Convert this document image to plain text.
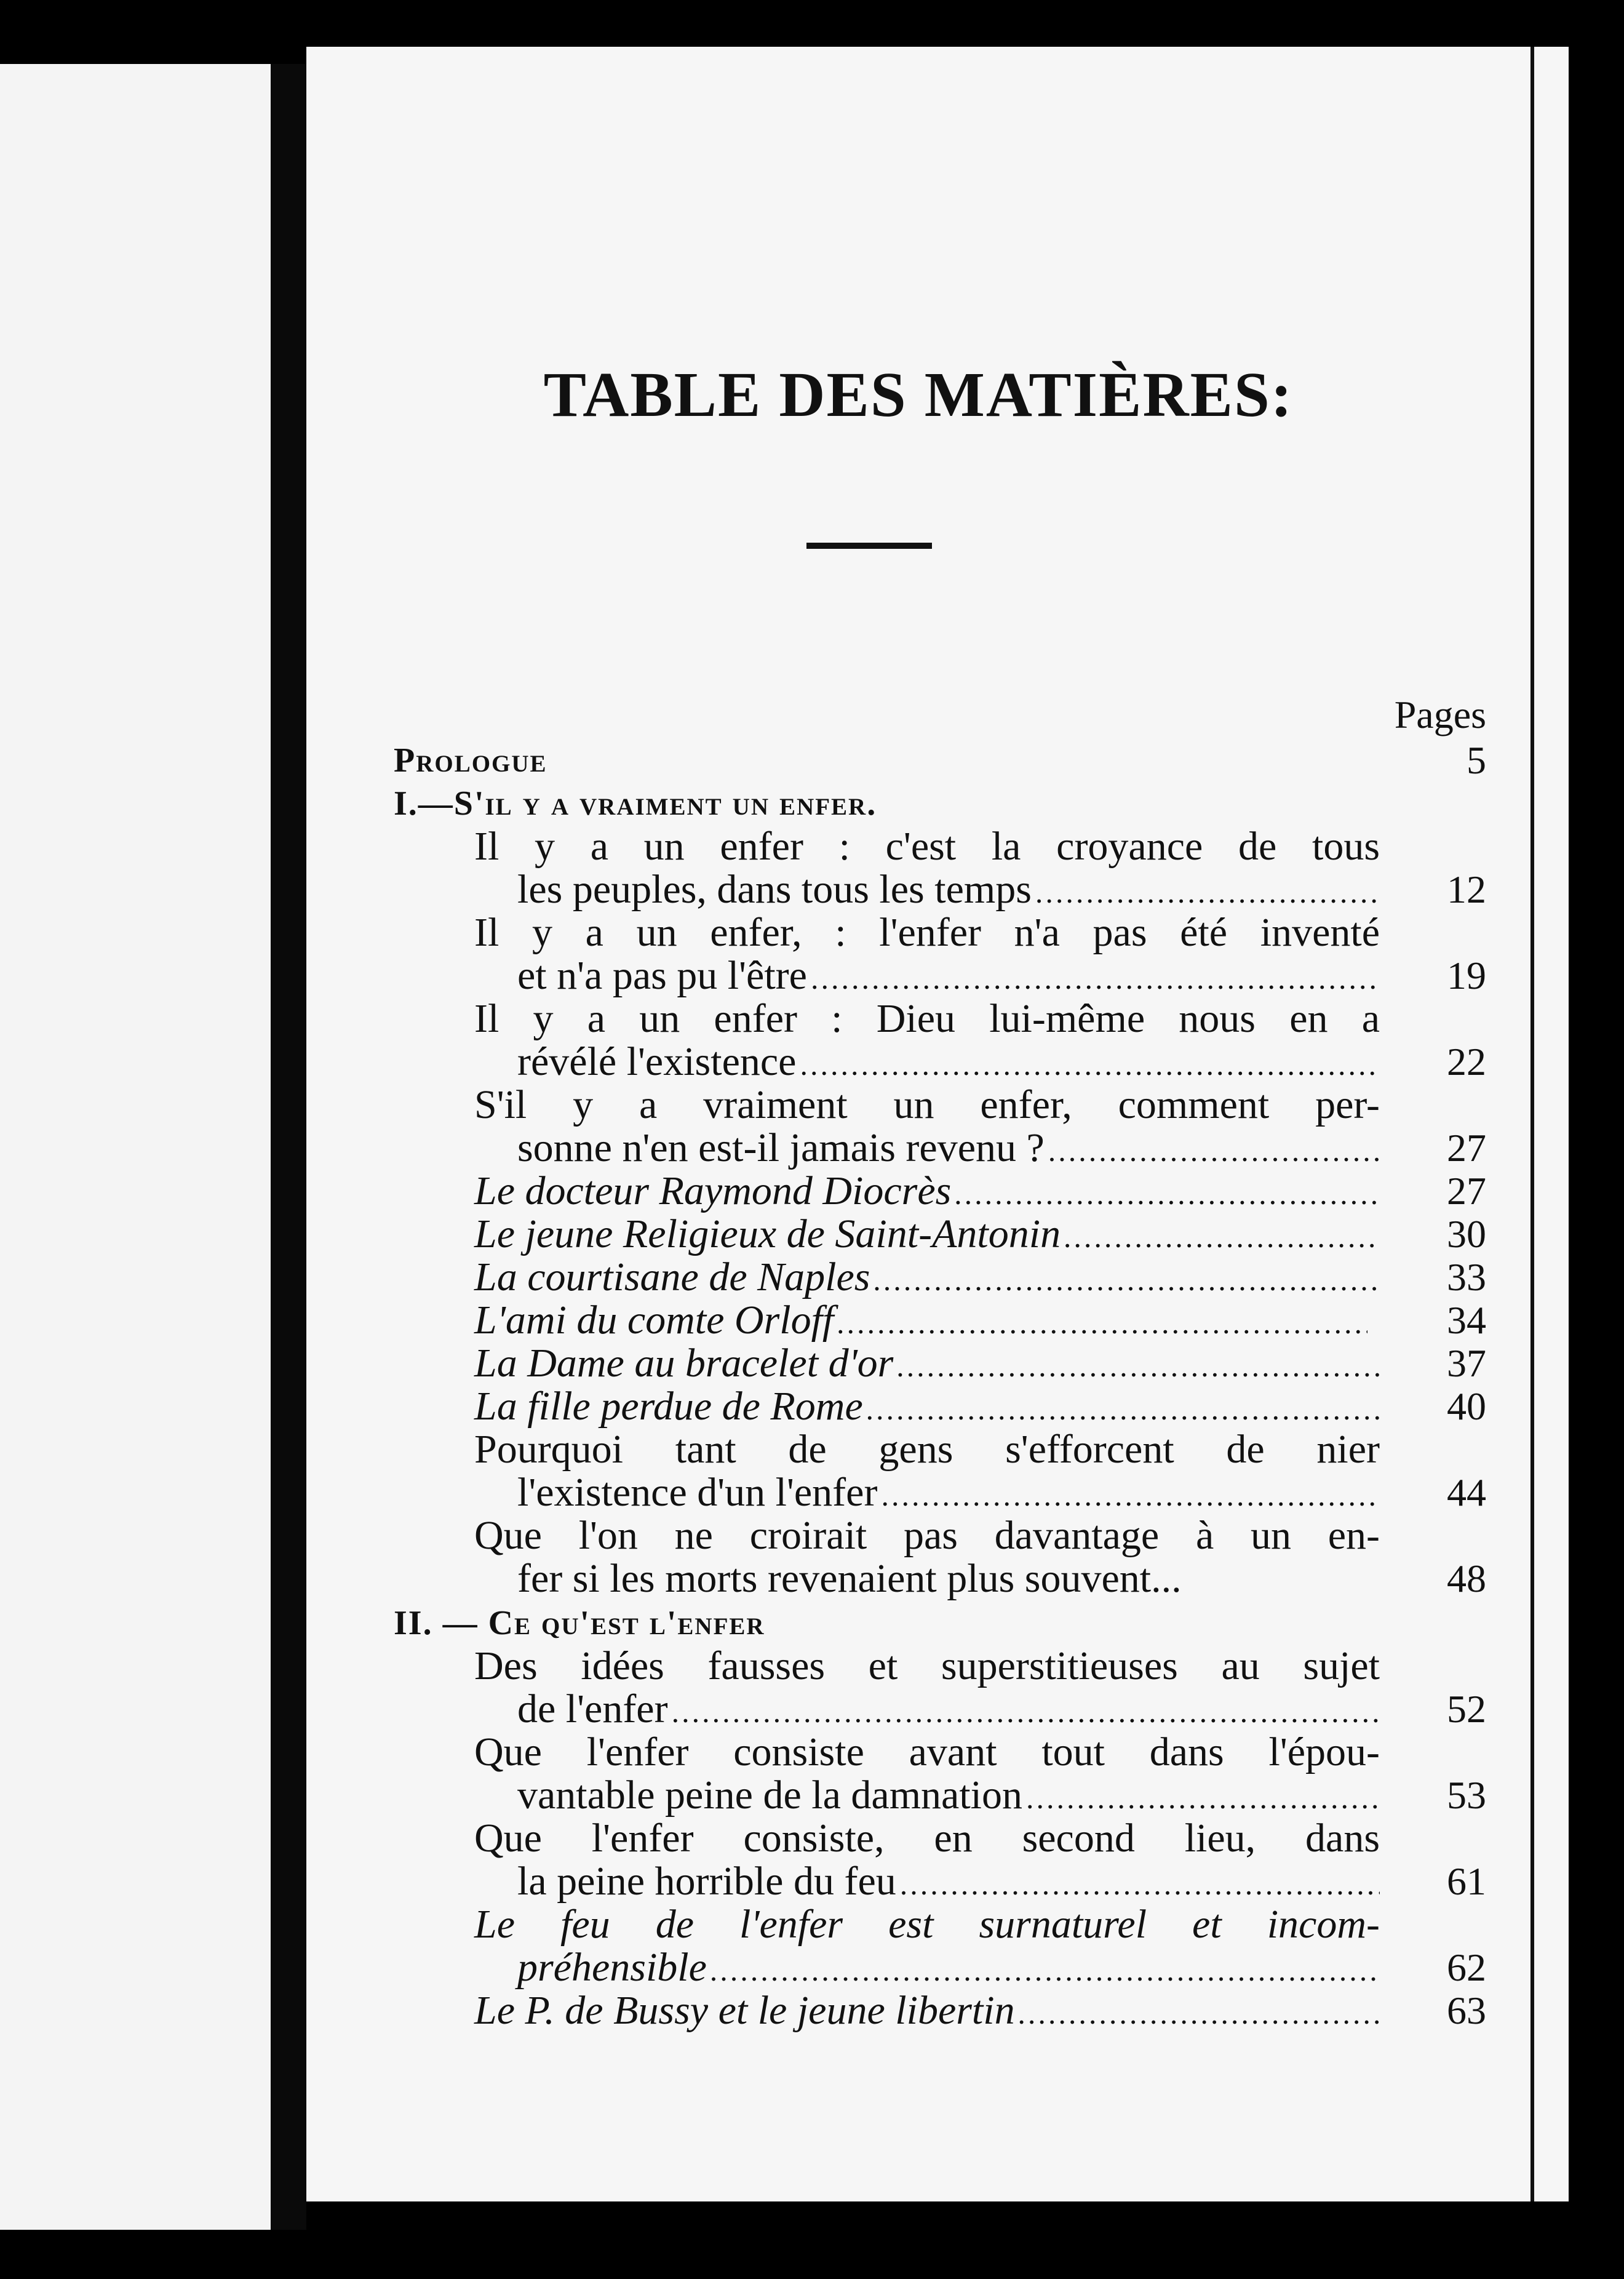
TABLE DES MATIÈRES:
Pages
Prologue	5
I.—S'il y a vraiment un enfer.
Il y a un enfer : c'est la croyance de tous
les peuples, dans tous les temps .....	12
Il y a un enfer, : l'enfer n'a pas été inventé
et n'a pas pu l'être .....	19
Il y a un enfer : Dieu lui-même nous en a
révélé l'existence .....	22
S'il y a vraiment un enfer, comment per-
sonne n'en est-il jamais revenu ? .....	27
Le docteur Raymond Diocrès .....	27
Le jeune Religieux de Saint-Antonin .....	30
La courtisane de Naples .....	33
L'ami du comte Orloff .....	34
La Dame au bracelet d'or .....	37
La fille perdue de Rome .....	40
Pourquoi tant de gens s'efforcent de nier
l'existence d'un l'enfer .....	44
Que l'on ne croirait pas davantage à un en-
fer si les morts revenaient plus souvent...	48
II. — Ce qu'est l'enfer
Des idées fausses et superstitieuses au sujet
de l'enfer .....	52
Que l'enfer consiste avant tout dans l'épou-
vantable peine de la damnation .....	53
Que l'enfer consiste, en second lieu, dans
la peine horrible du feu .....	61
Le feu de l'enfer est surnaturel et incom-
préhensible .....	62
Le P. de Bussy et le jeune libertin .....	63
